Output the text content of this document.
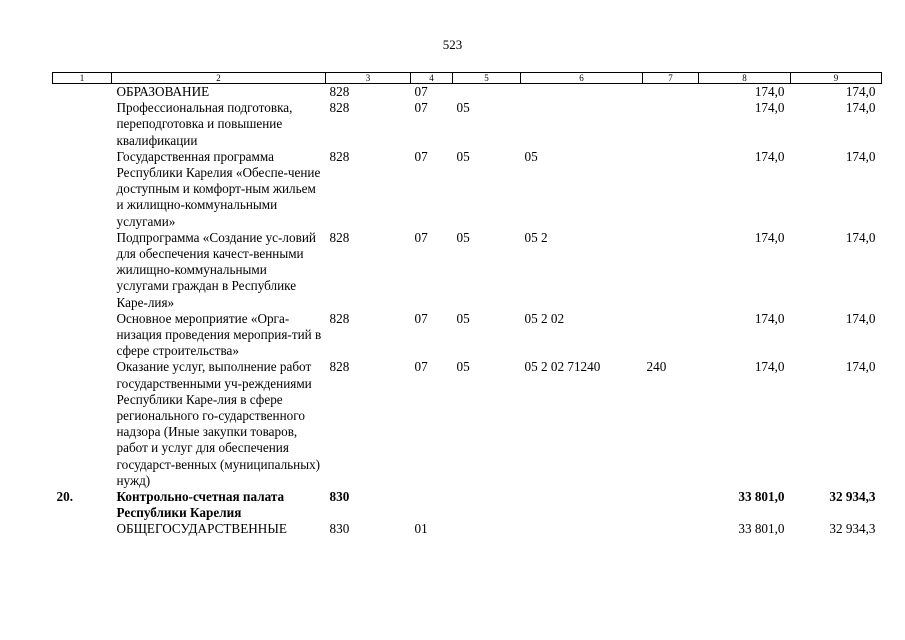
523
1	2	3	4	5	6	7	8	9
	ОБРАЗОВАНИЕ	828	07				174,0	174,0
	Профессиональная подготовка, переподготовка и повышение квалификации	828	07	05			174,0	174,0
	Государственная программа Республики Карелия «Обеспе-чение доступным и комфорт-ным жильем и жилищно-коммунальными услугами»	828	07	05	05		174,0	174,0
	Подпрограмма «Создание ус-ловий для обеспечения качест-венными жилищно-коммунальными услугами граждан в Республике Каре-лия»	828	07	05	05 2		174,0	174,0
	Основное мероприятие «Орга-низация проведения мероприя-тий в сфере строительства»	828	07	05	05 2 02		174,0	174,0
	Оказание услуг, выполнение работ государственными уч-реждениями Республики Каре-лия в сфере регионального го-сударственного надзора (Иные закупки товаров, работ и услуг для обеспечения государст-венных (муниципальных) нужд)	828	07	05	05 2 02 71240	240	174,0	174,0
20.	Контрольно-счетная палата Республики Карелия	830					33 801,0	32 934,3
	ОБЩЕГОСУДАРСТВЕННЫЕ	830	01				33 801,0	32 934,3
